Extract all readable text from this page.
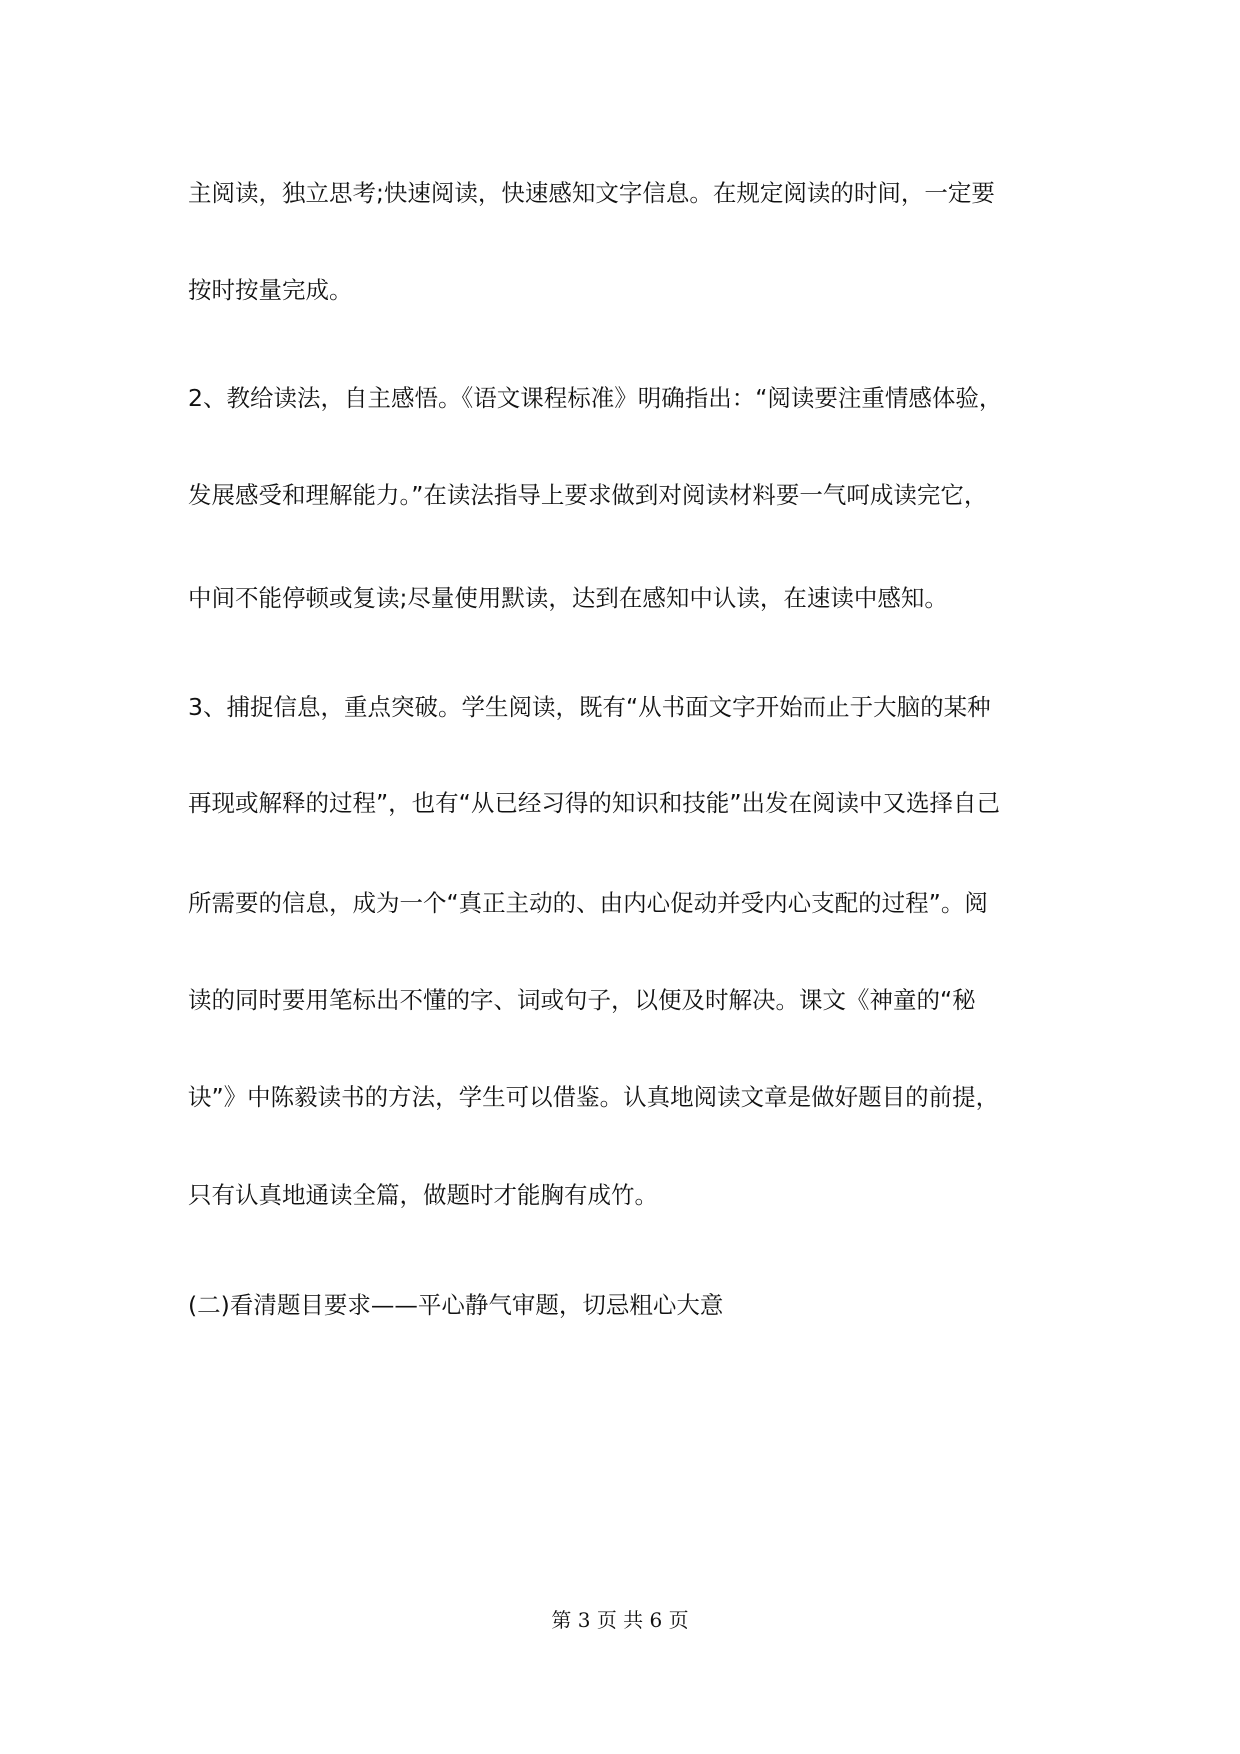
主阅读，独立思考;快速阅读，快速感知文字信息。在规定阅读的时间，一定要
按时按量完成。
2、教给读法，自主感悟。《语文课程标准》明确指出：“阅读要注重情感体验，
发展感受和理解能力。”在读法指导上要求做到对阅读材料要一气呵成读完它，
中间不能停顿或复读;尽量使用默读，达到在感知中认读，在速读中感知。
3、捕捉信息，重点突破。学生阅读，既有“从书面文字开始而止于大脑的某种
再现或解释的过程”，也有“从已经习得的知识和技能”出发在阅读中又选择自己
所需要的信息，成为一个“真正主动的、由内心促动并受内心支配的过程”。阅
读的同时要用笔标出不懂的字、词或句子，以便及时解决。课文《神童的“秘
诀”》中陈毅读书的方法，学生可以借鉴。认真地阅读文章是做好题目的前提，
只有认真地通读全篇，做题时才能胸有成竹。
(二)看清题目要求——平心静气审题，切忌粗心大意
第 3 页 共 6 页
